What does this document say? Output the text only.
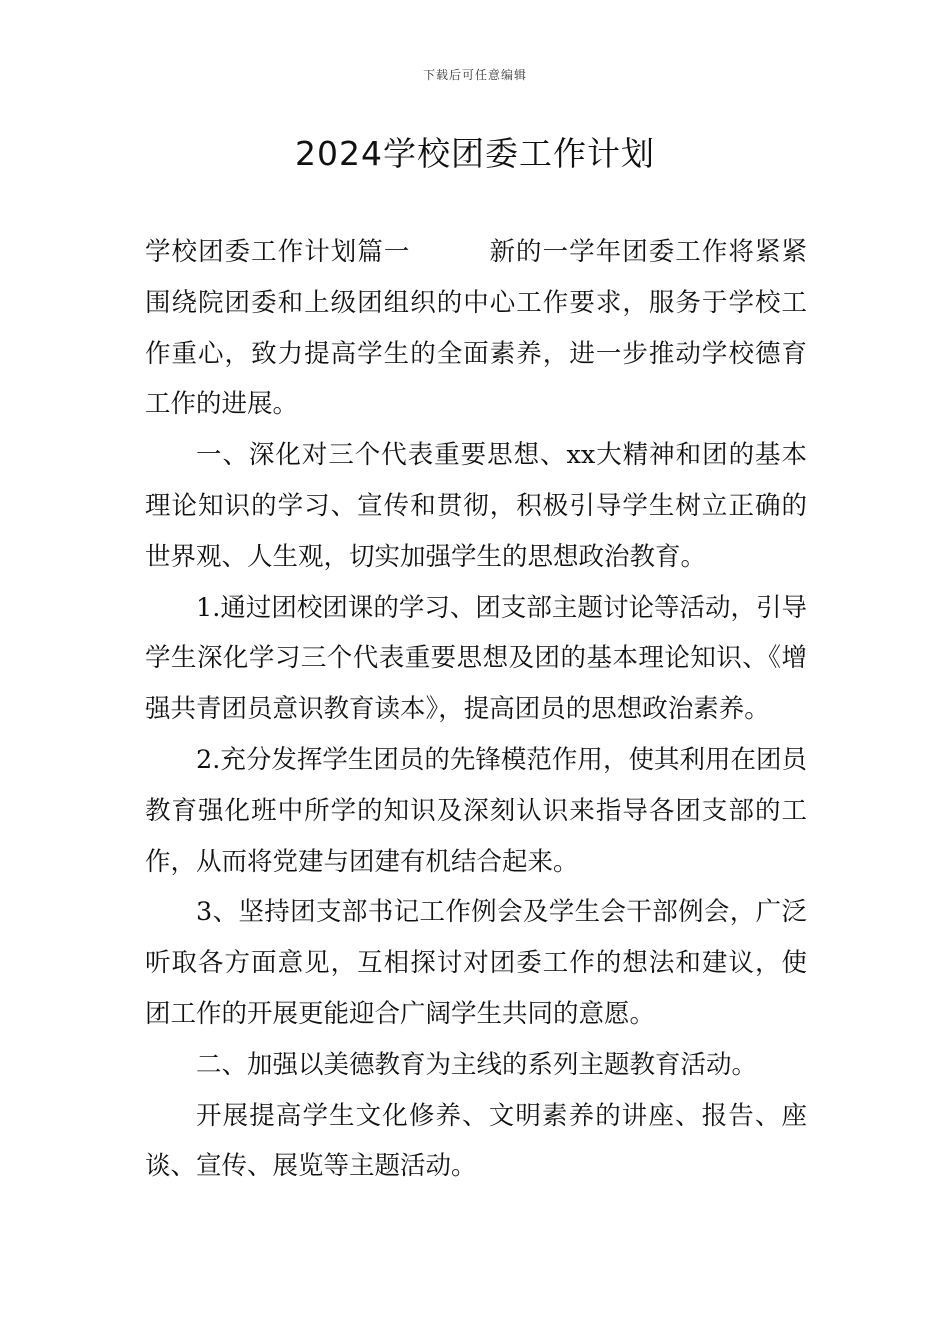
下载后可任意编辑
2024学校团委工作计划

学校团委工作计划篇一	新的一学年团委工作将紧紧围绕院团委和上级团组织的中心工作要求，服务于学校工作重心，致力提高学生的全面素养，进一步推动学校德育工作的进展。

一、深化对三个代表重要思想、xx大精神和团的基本理论知识的学习、宣传和贯彻，积极引导学生树立正确的世界观、人生观，切实加强学生的思想政治教育。

1.通过团校团课的学习、团支部主题讨论等活动，引导学生深化学习三个代表重要思想及团的基本理论知识、《增强共青团员意识教育读本》，提高团员的思想政治素养。

2.充分发挥学生团员的先锋模范作用，使其利用在团员教育强化班中所学的知识及深刻认识来指导各团支部的工作，从而将党建与团建有机结合起来。

3、坚持团支部书记工作例会及学生会干部例会，广泛听取各方面意见，互相探讨对团委工作的想法和建议，使团工作的开展更能迎合广阔学生共同的意愿。

二、加强以美德教育为主线的系列主题教育活动。

开展提高学生文化修养、文明素养的讲座、报告、座谈、宣传、展览等主题活动。
